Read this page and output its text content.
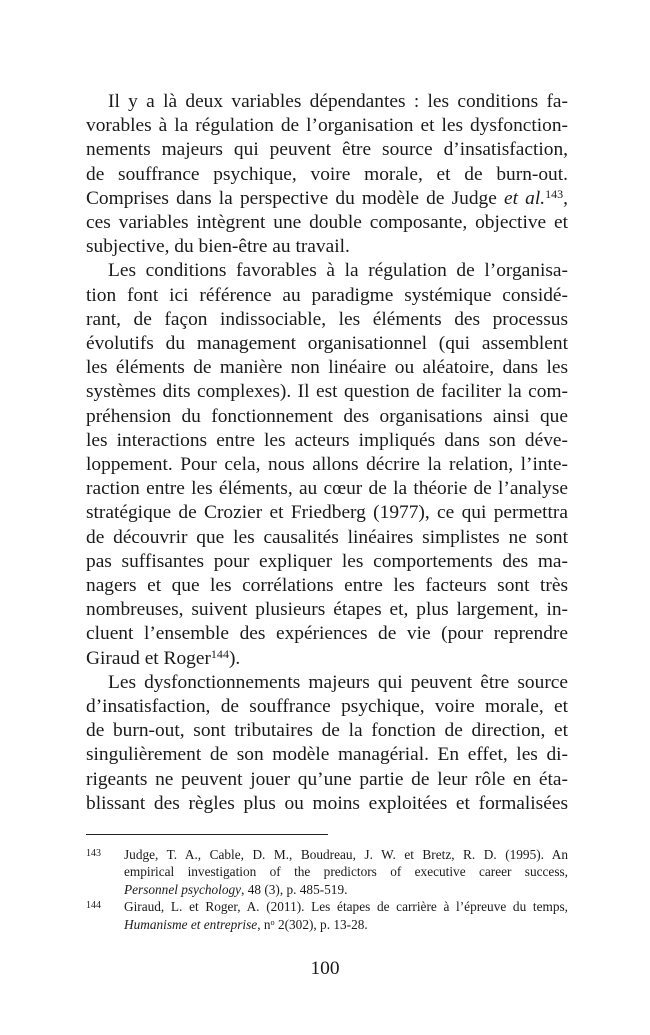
Il y a là deux variables dépendantes : les conditions fa-
vorables à la régulation de l’organisation et les dysfonction-
nements majeurs qui peuvent être source d’insatisfaction,
de souffrance psychique, voire morale, et de burn-out.
Comprises dans la perspective du modèle de Judge et al.$^{143}$,
ces variables intègrent une double composante, objective et
subjective, du bien-être au travail.
Les conditions favorables à la régulation de l’organisa-
tion font ici référence au paradigme systémique considé-
rant, de façon indissociable, les éléments des processus
évolutifs du management organisationnel (qui assemblent
les éléments de manière non linéaire ou aléatoire, dans les
systèmes dits complexes). Il est question de faciliter la com-
préhension du fonctionnement des organisations ainsi que
les interactions entre les acteurs impliqués dans son déve-
loppement. Pour cela, nous allons décrire la relation, l’inte-
raction entre les éléments, au cœur de la théorie de l’analyse
stratégique de Crozier et Friedberg (1977), ce qui permettra
de découvrir que les causalités linéaires simplistes ne sont
pas suffisantes pour expliquer les comportements des ma-
nagers et que les corrélations entre les facteurs sont très
nombreuses, suivent plusieurs étapes et, plus largement, in-
cluent l’ensemble des expériences de vie (pour reprendre
Giraud et Roger$^{144}$).
Les dysfonctionnements majeurs qui peuvent être source
d’insatisfaction, de souffrance psychique, voire morale, et
de burn-out, sont tributaires de la fonction de direction, et
singulièrement de son modèle managérial. En effet, les di-
rigeants ne peuvent jouer qu’une partie de leur rôle en éta-
blissant des règles plus ou moins exploitées et formalisées
143 Judge, T. A., Cable, D. M., Boudreau, J. W. et Bretz, R. D. (1995). An
empirical investigation of the predictors of executive career success,
Personnel psychology, 48 (3), p. 485-519.
144 Giraud, L. et Roger, A. (2011). Les étapes de carrière à l’épreuve du temps,
Humanisme et entreprise, $n^o$ 2(302), p. 13-28.
100
